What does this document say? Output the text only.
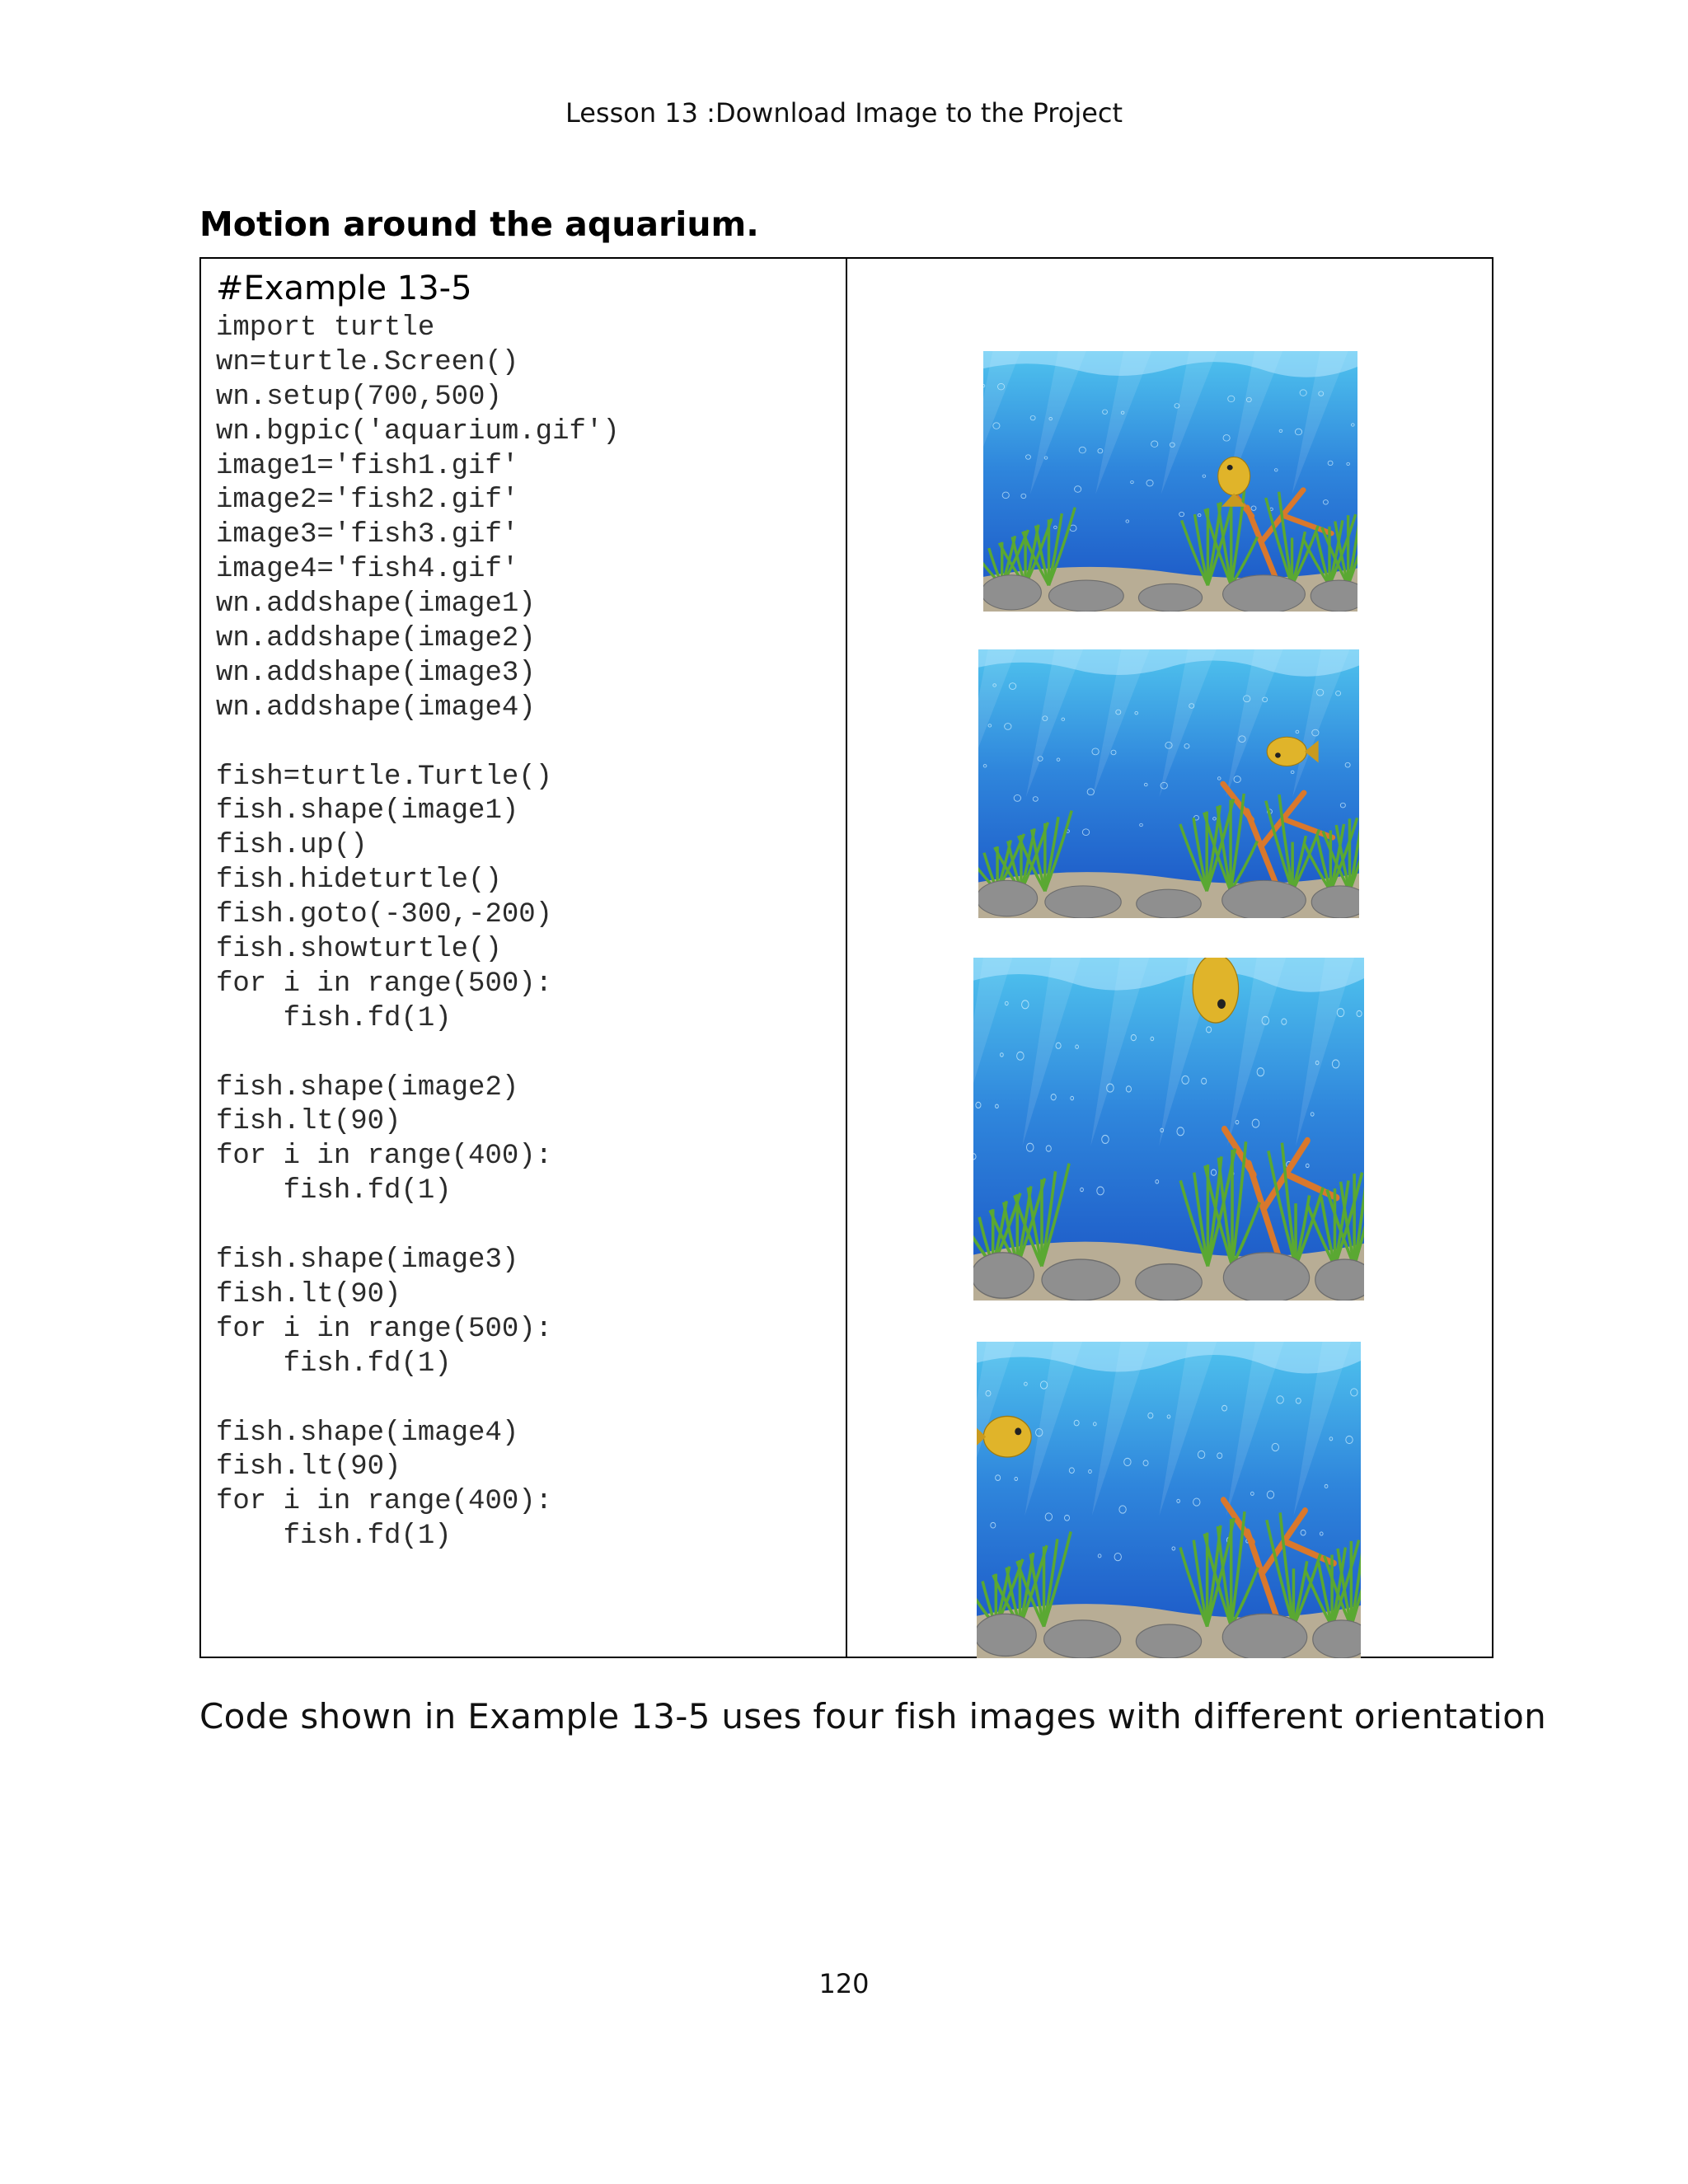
Lesson 13 :Download Image to the Project
Motion around the aquarium.

#Example 13-5

import turtle
wn=turtle.Screen()
wn.setup(700,500)
wn.bgpic('aquarium.gif')
image1='fish1.gif'
image2='fish2.gif'
image3='fish3.gif'
image4='fish4.gif'
wn.addshape(image1)
wn.addshape(image2)
wn.addshape(image3)
wn.addshape(image4)
fish=turtle.Turtle()
fish.shape(image1)
fish.up()
fish.hideturtle()
fish.goto(-300,-200)
fish.showturtle()
for i in range(500):
fish.fd(1)
fish.shape(image2)
fish.lt(90)
for i in range(400):
fish.fd(1)
fish.shape(image3)
fish.lt(90)
for i in range(500):
fish.fd(1)
fish.shape(image4)
fish.lt(90)
for i in range(400):
fish.fd(1)

Code shown in Example 13-5 uses four fish images with different orientation

120
